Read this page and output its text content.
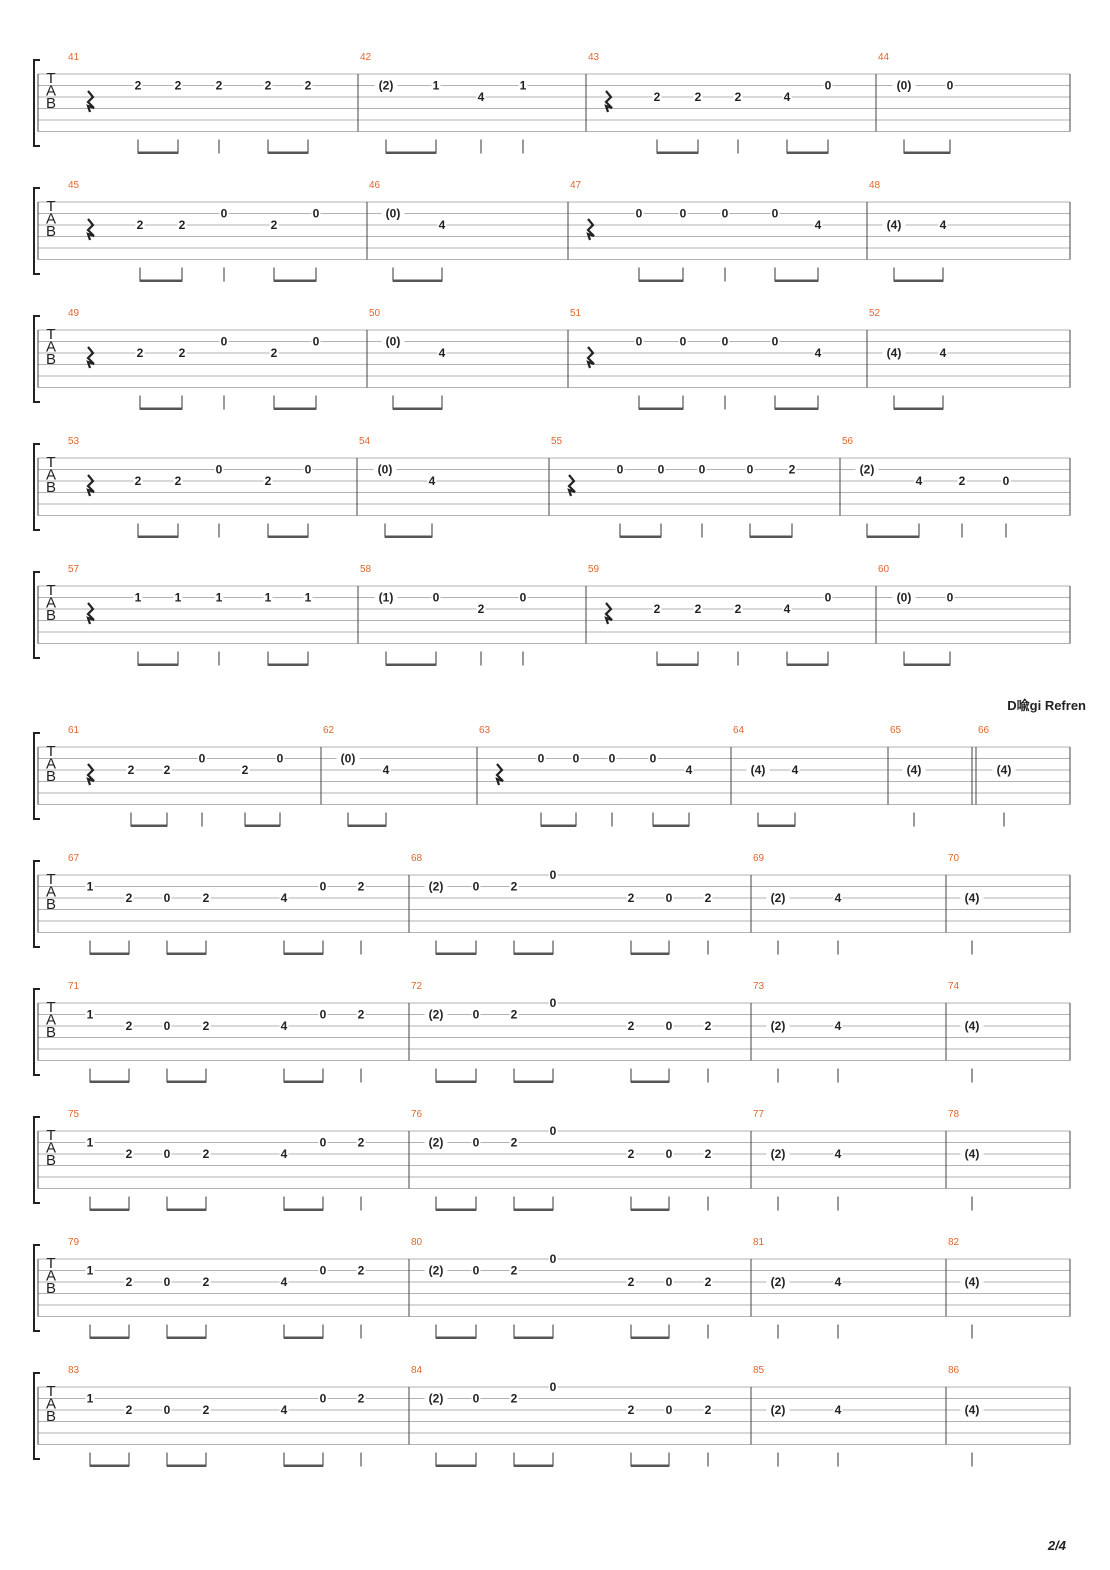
T
A
B
41
2	2	2	2	2
42
(2)	1
4
1
43
2	2	2	4
0
44
(0)	0
T
A
B
45
2	2
0
2
0
46
(0)
4
47
0	0	0	0
4
48
(4)	4
T
A
B
49
2	2
0
2
0
50
(0)
4
51
0	0	0	0
4
52
(4)	4
T
A
B
53
2	2
0
2
0
54
(0)
4
55
0	0	0	0	2
56
(2)
4	2	0
T
A
B
57
1	1	1	1	1
58
(1)	0
2
0
59
2	2	2	4
0
60
(0)	0
T
A
B
61
2 2
0
2
0
62
(0)
4
63
0 0 0	0
4
64
(4) 4
65
(4)
66
(4)
T
A
B
67
1
2	0	2	4
0	2
68
(2) 0	2
0
2	0	2
69
(2)	4
70
(4)
T
A
B
71
1
2	0	2	4
0	2
72
(2) 0	2
0
2	0	2
73
(2)	4
74
(4)
T
A
B
75
1
2	0	2	4
0	2
76
(2) 0	2
0
2	0	2
77
(2)	4
78
(4)
T
A
B
79
1
2	0	2	4
0	2
80
(2) 0	2
0
2	0	2
81
(2)	4
82
(4)
T
A
B
83
1
2	0	2	4
0	2
84
(2) 0	2
0
2	0	2
85
(2)	4
86
(4)
D喩gi Refren
2/4
